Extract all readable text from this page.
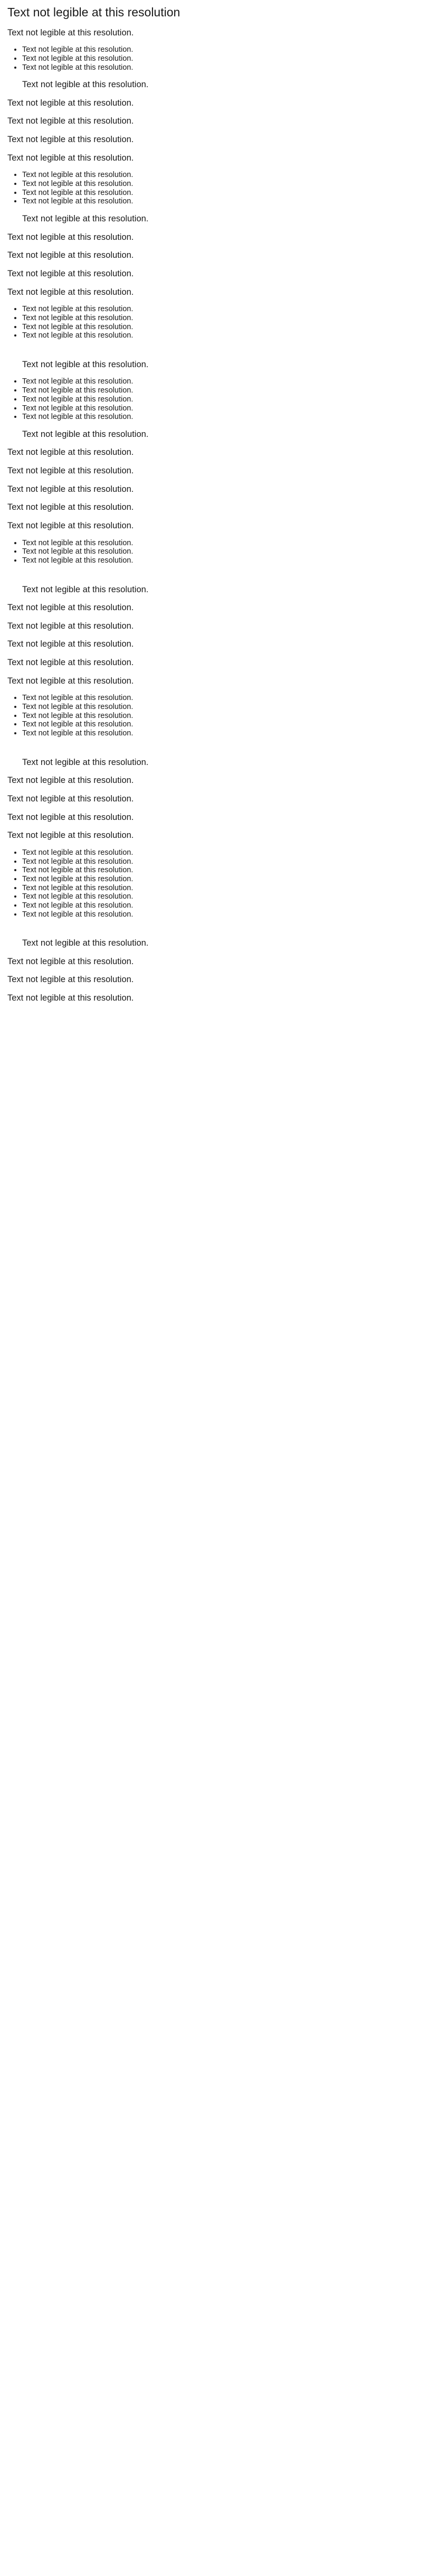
Text not legible at this resolution

Text not legible at this resolution.

• Text not legible at this resolution.
• Text not legible at this resolution.
• Text not legible at this resolution.

Text not legible at this resolution.

Text not legible at this resolution.

Text not legible at this resolution.

Text not legible at this resolution.

Text not legible at this resolution.

• Text not legible at this resolution.
• Text not legible at this resolution.
• Text not legible at this resolution.
• Text not legible at this resolution.

Text not legible at this resolution.

Text not legible at this resolution.

Text not legible at this resolution.

Text not legible at this resolution.

Text not legible at this resolution.

• Text not legible at this resolution.
• Text not legible at this resolution.
• Text not legible at this resolution.
• Text not legible at this resolution.

Text not legible at this resolution.

• Text not legible at this resolution.
• Text not legible at this resolution.
• Text not legible at this resolution.
• Text not legible at this resolution.
• Text not legible at this resolution.

Text not legible at this resolution.

Text not legible at this resolution.

Text not legible at this resolution.

Text not legible at this resolution.

Text not legible at this resolution.

Text not legible at this resolution.

• Text not legible at this resolution.
• Text not legible at this resolution.
• Text not legible at this resolution.

Text not legible at this resolution.

Text not legible at this resolution.

Text not legible at this resolution.

Text not legible at this resolution.

Text not legible at this resolution.

Text not legible at this resolution.

• Text not legible at this resolution.
• Text not legible at this resolution.
• Text not legible at this resolution.
• Text not legible at this resolution.
• Text not legible at this resolution.

Text not legible at this resolution.

Text not legible at this resolution.

Text not legible at this resolution.

Text not legible at this resolution.

Text not legible at this resolution.

• Text not legible at this resolution.
• Text not legible at this resolution.
• Text not legible at this resolution.
• Text not legible at this resolution.
• Text not legible at this resolution.
• Text not legible at this resolution.
• Text not legible at this resolution.
• Text not legible at this resolution.

Text not legible at this resolution.

Text not legible at this resolution.

Text not legible at this resolution.

Text not legible at this resolution.
